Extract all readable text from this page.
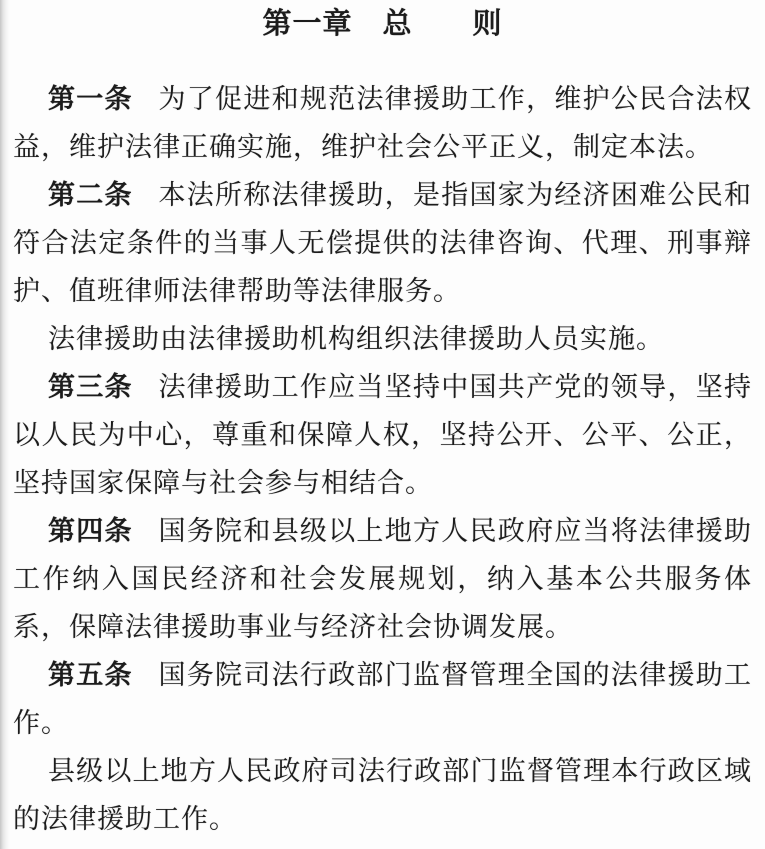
第一章　总　　则

第一条 为了促进和规范法律援助工作，维护公民合法权益，维护法律正确实施，维护社会公平正义，制定本法。

第二条 本法所称法律援助，是指国家为经济困难公民和符合法定条件的当事人无偿提供的法律咨询、代理、刑事辩护、值班律师法律帮助等法律服务。

法律援助由法律援助机构组织法律援助人员实施。

第三条 法律援助工作应当坚持中国共产党的领导，坚持以人民为中心，尊重和保障人权，坚持公开、公平、公正，坚持国家保障与社会参与相结合。

第四条 国务院和县级以上地方人民政府应当将法律援助工作纳入国民经济和社会发展规划，纳入基本公共服务体系，保障法律援助事业与经济社会协调发展。

第五条 国务院司法行政部门监督管理全国的法律援助工作。

县级以上地方人民政府司法行政部门监督管理本行政区域的法律援助工作。
